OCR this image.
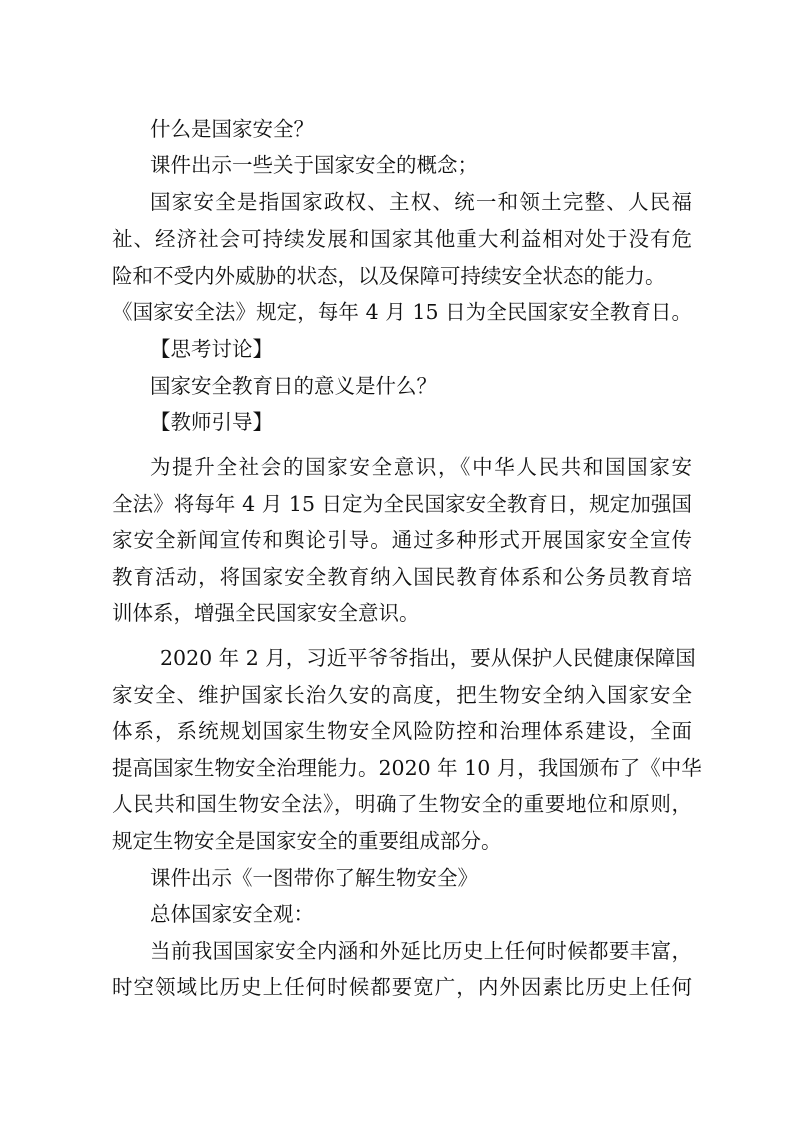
什么是国家安全？

课件出示一些关于国家安全的概念；

国家安全是指国家政权、主权、统一和领土完整、人民福

祉、经济社会可持续发展和国家其他重大利益相对处于没有危

险和不受内外威胁的状态，以及保障可持续安全状态的能力。

《国家安全法》规定，每年 4 月 15 日为全民国家安全教育日。

【思考讨论】

国家安全教育日的意义是什么？

【教师引导】

为提升全社会的国家安全意识，《中华人民共和国国家安

全法》将每年 4 月 15 日定为全民国家安全教育日，规定加强国

家安全新闻宣传和舆论引导。通过多种形式开展国家安全宣传

教育活动，将国家安全教育纳入国民教育体系和公务员教育培

训体系，增强全民国家安全意识。

2020 年 2 月，习近平爷爷指出，要从保护人民健康保障国

家安全、维护国家长治久安的高度，把生物安全纳入国家安全

体系，系统规划国家生物安全风险防控和治理体系建设，全面

提高国家生物安全治理能力。2020 年 10 月，我国颁布了《中华

人民共和国生物安全法》，明确了生物安全的重要地位和原则，

规定生物安全是国家安全的重要组成部分。

课件出示《一图带你了解生物安全》

总体国家安全观：

当前我国国家安全内涵和外延比历史上任何时候都要丰富，

时空领域比历史上任何时候都要宽广，内外因素比历史上任何
